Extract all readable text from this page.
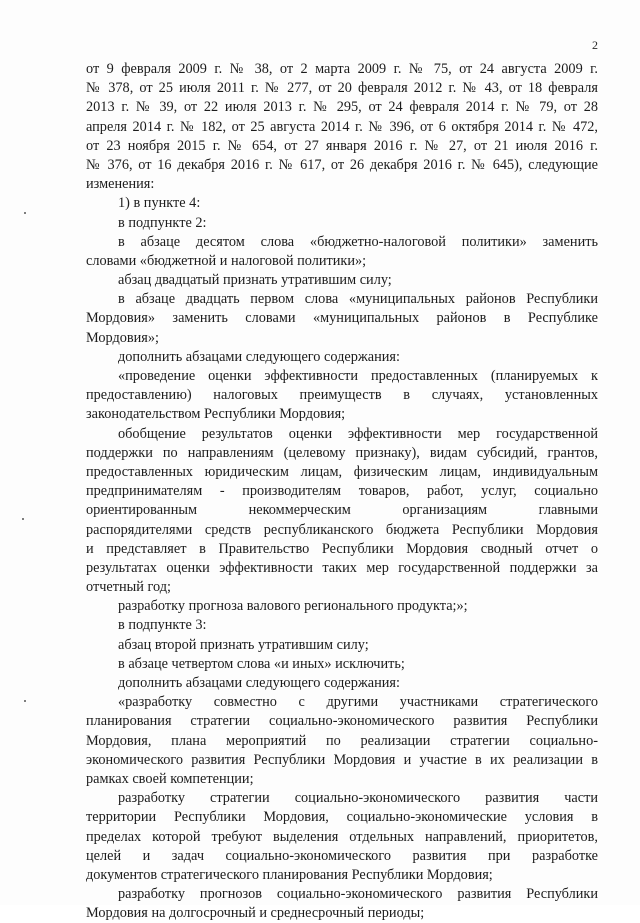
2
от 9 февраля 2009 г. № 38, от 2 марта 2009 г. № 75, от 24 августа 2009 г.
№ 378, от 25 июля 2011 г. № 277, от 20 февраля 2012 г. № 43, от 18 февраля
2013 г. № 39, от 22 июля 2013 г. № 295, от 24 февраля 2014 г. № 79, от 28
апреля 2014 г. № 182, от 25 августа 2014 г. № 396, от 6 октября 2014 г. № 472,
от 23 ноября 2015 г. № 654, от 27 января 2016 г. № 27, от 21 июля 2016 г.
№ 376, от 16 декабря 2016 г. № 617, от 26 декабря 2016 г. № 645), следующие
изменения:
1) в пункте 4:
в подпункте 2:
в абзаце десятом слова «бюджетно-налоговой политики» заменить
словами «бюджетной и налоговой политики»;
абзац двадцатый признать утратившим силу;
в абзаце двадцать первом слова «муниципальных районов Республики
Мордовия» заменить словами «муниципальных районов в Республике
Мордовия»;
дополнить абзацами следующего содержания:
«проведение оценки эффективности предоставленных (планируемых к
предоставлению) налоговых преимуществ в случаях, установленных
законодательством Республики Мордовия;
обобщение результатов оценки эффективности мер государственной
поддержки по направлениям (целевому признаку), видам субсидий, грантов,
предоставленных юридическим лицам, физическим лицам, индивидуальным
предпринимателям - производителям товаров, работ, услуг, социально
ориентированным некоммерческим организациям главными
распорядителями средств республиканского бюджета Республики Мордовия
и представляет в Правительство Республики Мордовия сводный отчет о
результатах оценки эффективности таких мер государственной поддержки за
отчетный год;
разработку прогноза валового регионального продукта;»;
в подпункте 3:
абзац второй признать утратившим силу;
в абзаце четвертом слова «и иных» исключить;
дополнить абзацами следующего содержания:
«разработку совместно с другими участниками стратегического
планирования стратегии социально-экономического развития Республики
Мордовия, плана мероприятий по реализации стратегии социально-
экономического развития Республики Мордовия и участие в их реализации в
рамках своей компетенции;
разработку стратегии социально-экономического развития части
территории Республики Мордовия, социально-экономические условия в
пределах которой требуют выделения отдельных направлений, приоритетов,
целей и задач социально-экономического развития при разработке
документов стратегического планирования Республики Мордовия;
разработку прогнозов социально-экономического развития Республики
Мордовия на долгосрочный и среднесрочный периоды;
